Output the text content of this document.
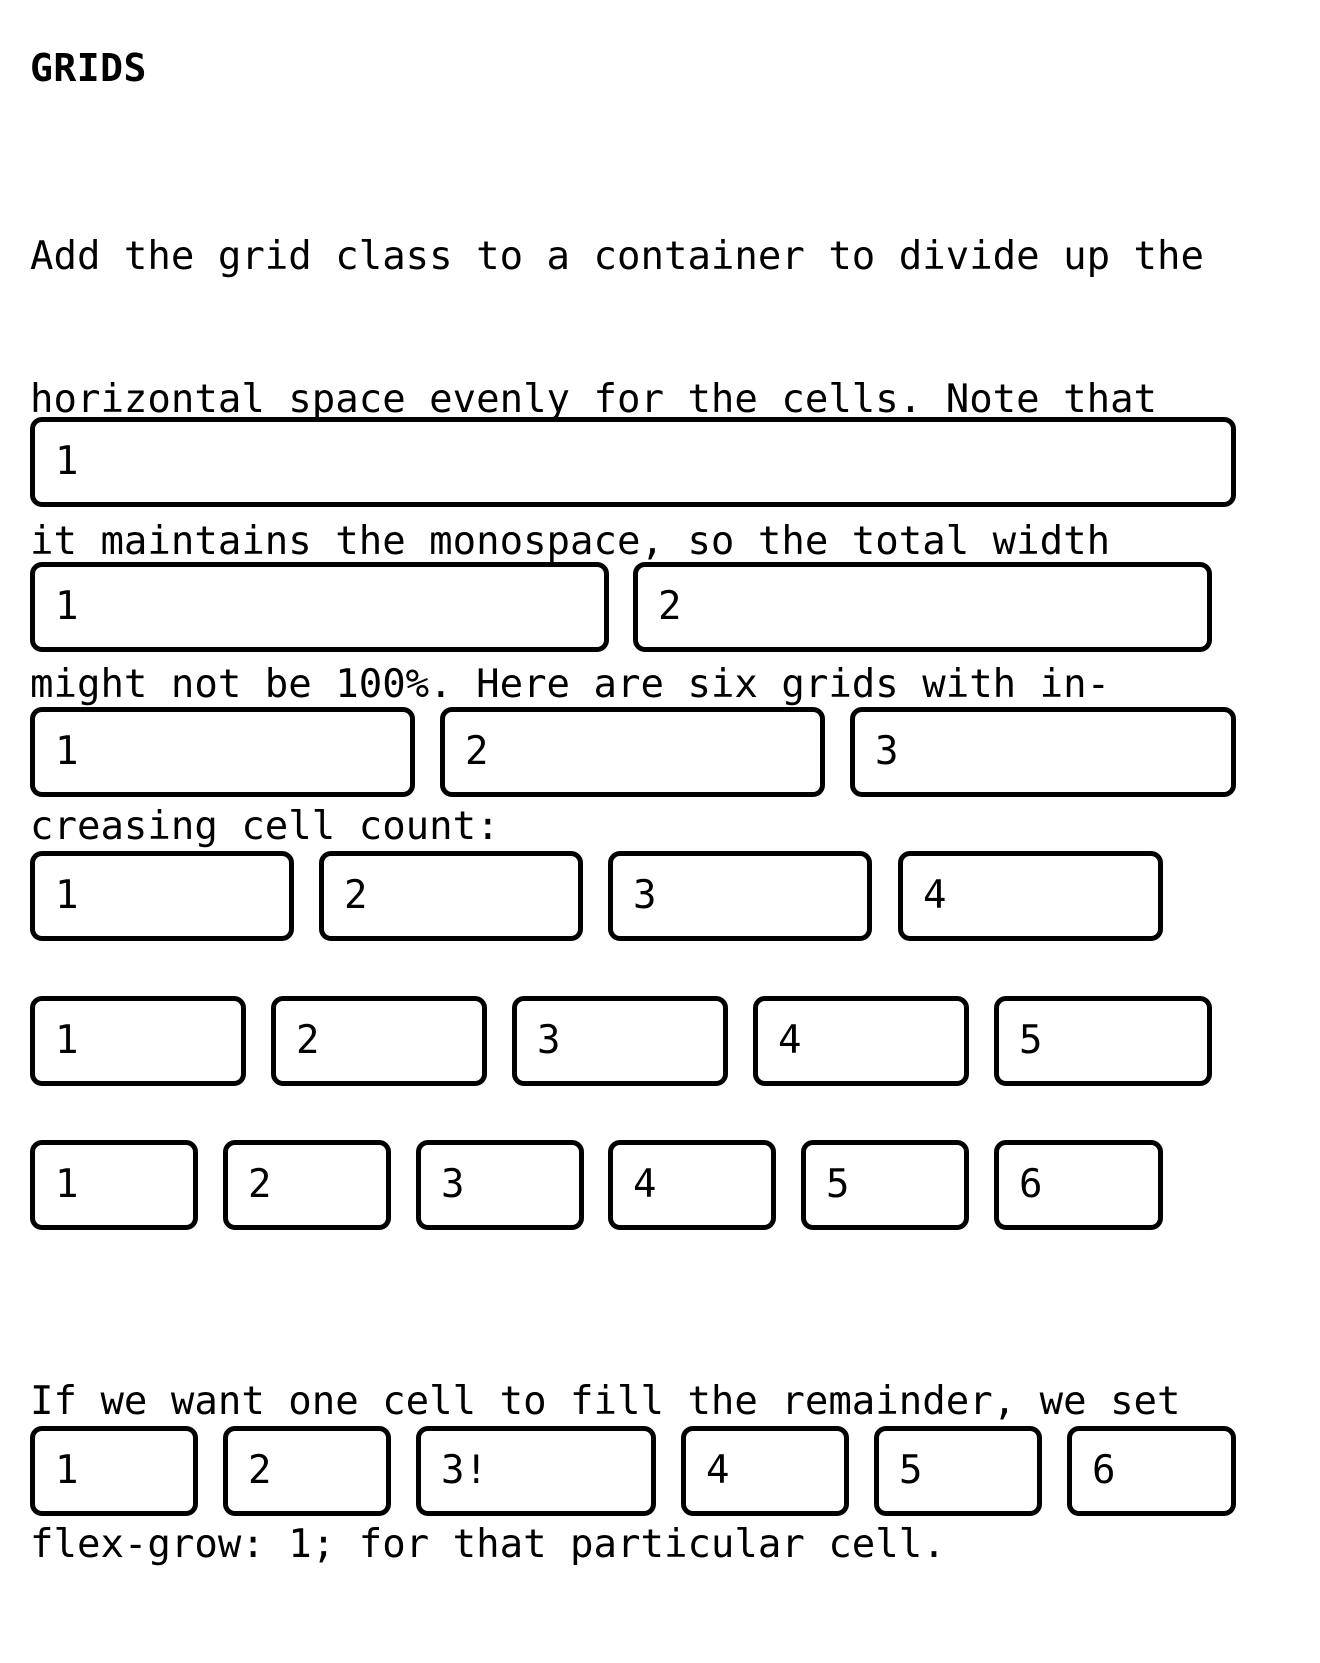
GRIDS

Add the grid class to a container to divide up the

horizontal space evenly for the cells. Note that

it maintains the monospace, so the total width

might not be 100%. Here are six grids with in-

creasing cell count:

1
1	2
1	2	3
1	2	3	4
1	2	3	4	5
1	2	3	4	5	6

If we want one cell to fill the remainder, we set

flex-grow: 1; for that particular cell.

1	2	3!	4	5	6
